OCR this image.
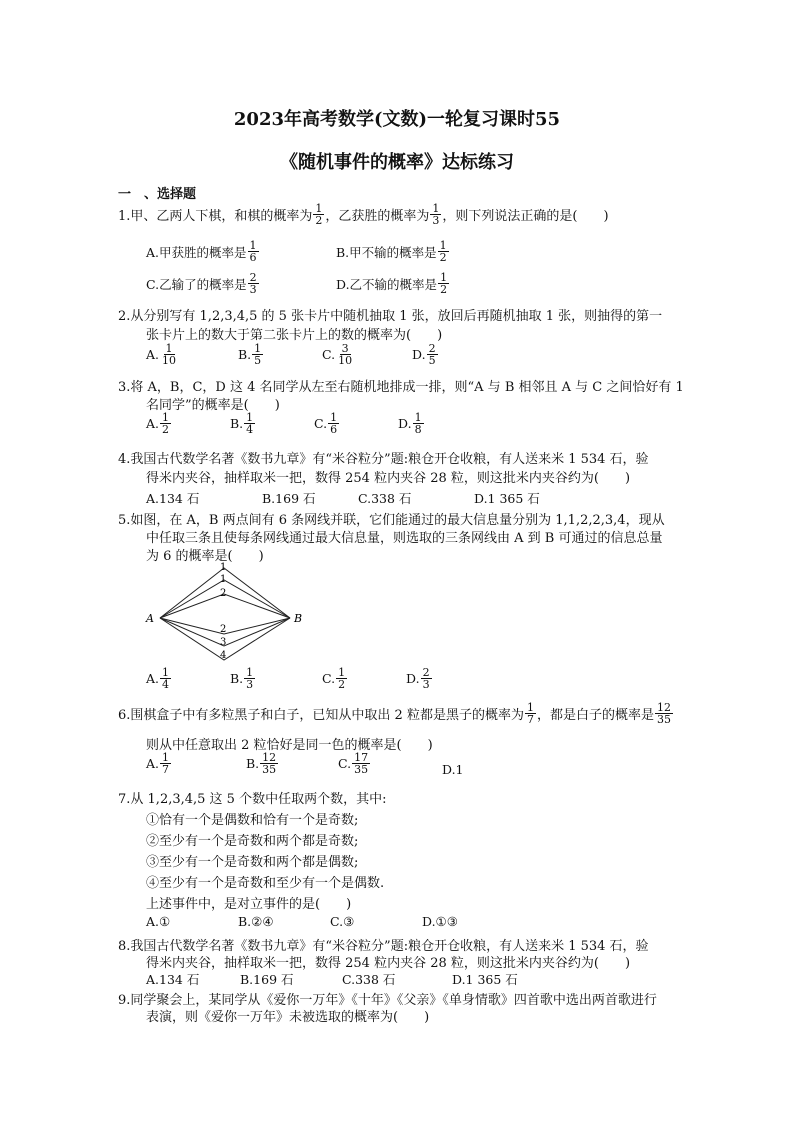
2023年高考数学(文数)一轮复习课时55
《随机事件的概率》达标练习
一　、选择题
1.甲、乙两人下棋，和棋的概率为 $\frac{1}{2}$ ，乙获胜的概率为 $\frac{1}{3}$ ，则下列说法正确的是(　　)
A.甲获胜的概率是 $\frac{1}{6}$	B.甲不输的概率是 $\frac{1}{2}$
C.乙输了的概率是 $\frac{2}{3}$	D.乙不输的概率是 $\frac{1}{2}$
2.从分别写有 1,2,3,4,5 的 5 张卡片中随机抽取 1 张，放回后再随机抽取 1 张，则抽得的第一
张卡片上的数大于第二张卡片上的数的概率为(　　)
A. $\frac{1}{10}$	B. $\frac{1}{5}$	C. $\frac{3}{10}$	D. $\frac{2}{5}$
3.将 A，B，C，D 这 4 名同学从左至右随机地排成一排，则“A 与 B 相邻且 A 与 C 之间恰好有 1
名同学”的概率是(　　)
A. $\frac{1}{2}$	B. $\frac{1}{4}$	C. $\frac{1}{6}$	D. $\frac{1}{8}$
4.我国古代数学名著《数书九章》有“米谷粒分”题:粮仓开仓收粮，有人送来米 1 534 石，验
得米内夹谷，抽样取米一把，数得 254 粒内夹谷 28 粒，则这批米内夹谷约为(　　)
A.134 石	B.169 石	C.338 石	D.1 365 石
5.如图，在 A，B 两点间有 6 条网线并联，它们能通过的最大信息量分别为 1,1,2,2,3,4，现从
中任取三条且使每条网线通过最大信息量，则选取的三条网线由 A 到 B 可通过的信息总量
为 6 的概率是(　　)
1
1
2
2
3
4
A	B
A. $\frac{1}{4}$	B. $\frac{1}{3}$	C. $\frac{1}{2}$	D. $\frac{2}{3}$
6.围棋盒子中有多粒黑子和白子，已知从中取出 2 粒都是黑子的概率为 $\frac{1}{7}$ ，都是白子的概率是 $\frac{12}{35}$
则从中任意取出 2 粒恰好是同一色的概率是(　　)
A. $\frac{1}{7}$	B. $\frac{12}{35}$	C. $\frac{17}{35}$	D.1
7.从 1,2,3,4,5 这 5 个数中任取两个数，其中:
①恰有一个是偶数和恰有一个是奇数;
②至少有一个是奇数和两个都是奇数;
③至少有一个是奇数和两个都是偶数;
④至少有一个是奇数和至少有一个是偶数.
上述事件中，是对立事件的是(　　)
A.①	B.②④	C.③	D.①③
8.我国古代数学名著《数书九章》有“米谷粒分”题:粮仓开仓收粮，有人送来米 1 534 石，验
得米内夹谷，抽样取米一把，数得 254 粒内夹谷 28 粒，则这批米内夹谷约为(　　)
A.134 石	B.169 石	C.338 石	D.1 365 石
9.同学聚会上，某同学从《爱你一万年》《十年》《父亲》《单身情歌》四首歌中选出两首歌进行
表演，则《爱你一万年》未被选取的概率为(　　)
